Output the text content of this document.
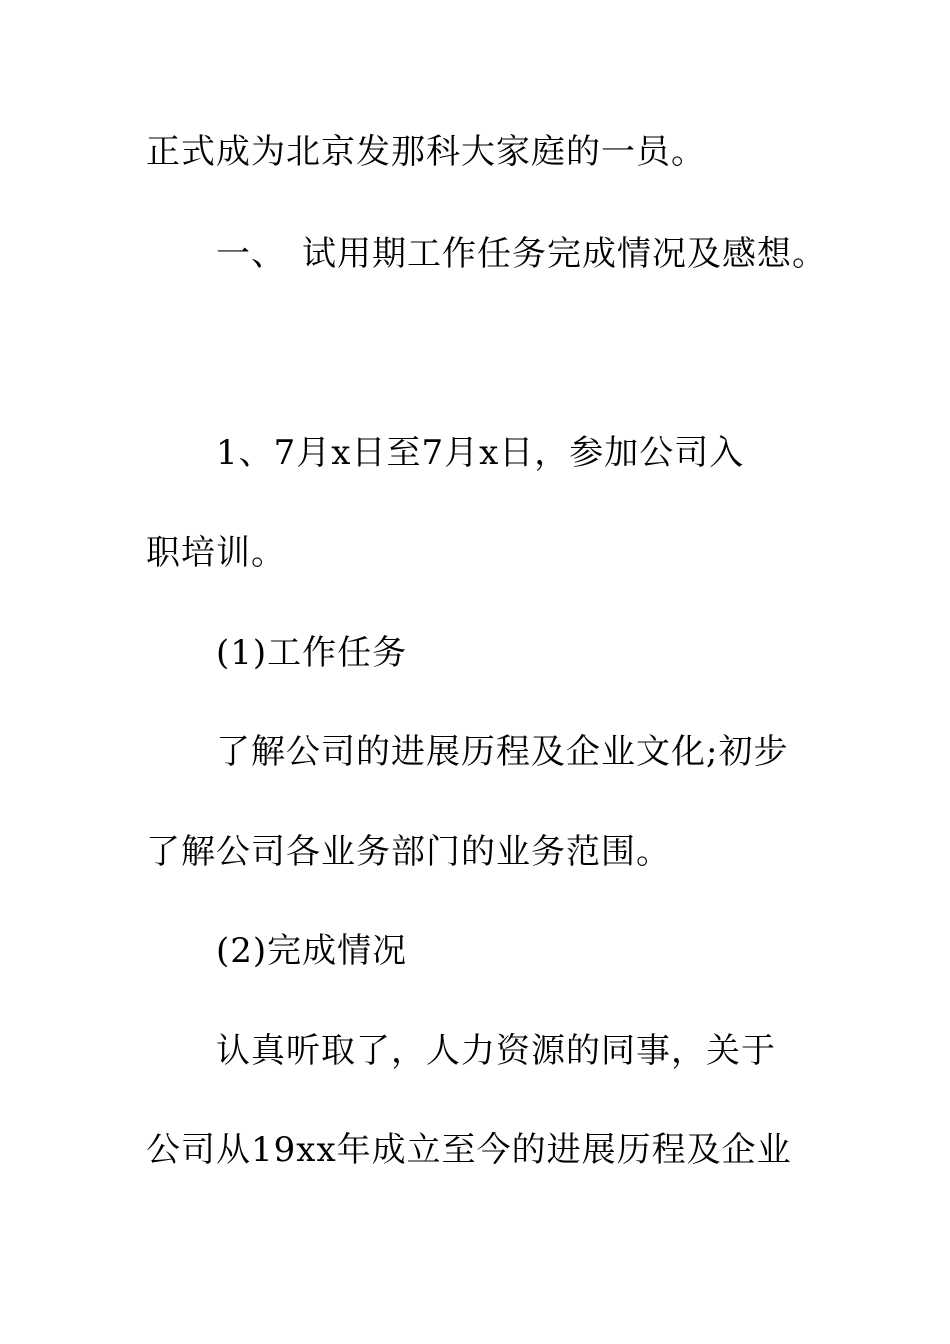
正式成为北京发那科大家庭的一员。
一、 试用期工作任务完成情况及感想。
1、7月x日至7月x日，参加公司入
职培训。
(1)工作任务
了解公司的进展历程及企业文化;初步
了解公司各业务部门的业务范围。
(2)完成情况
认真听取了，人力资源的同事，关于
公司从19xx年成立至今的进展历程及企业
